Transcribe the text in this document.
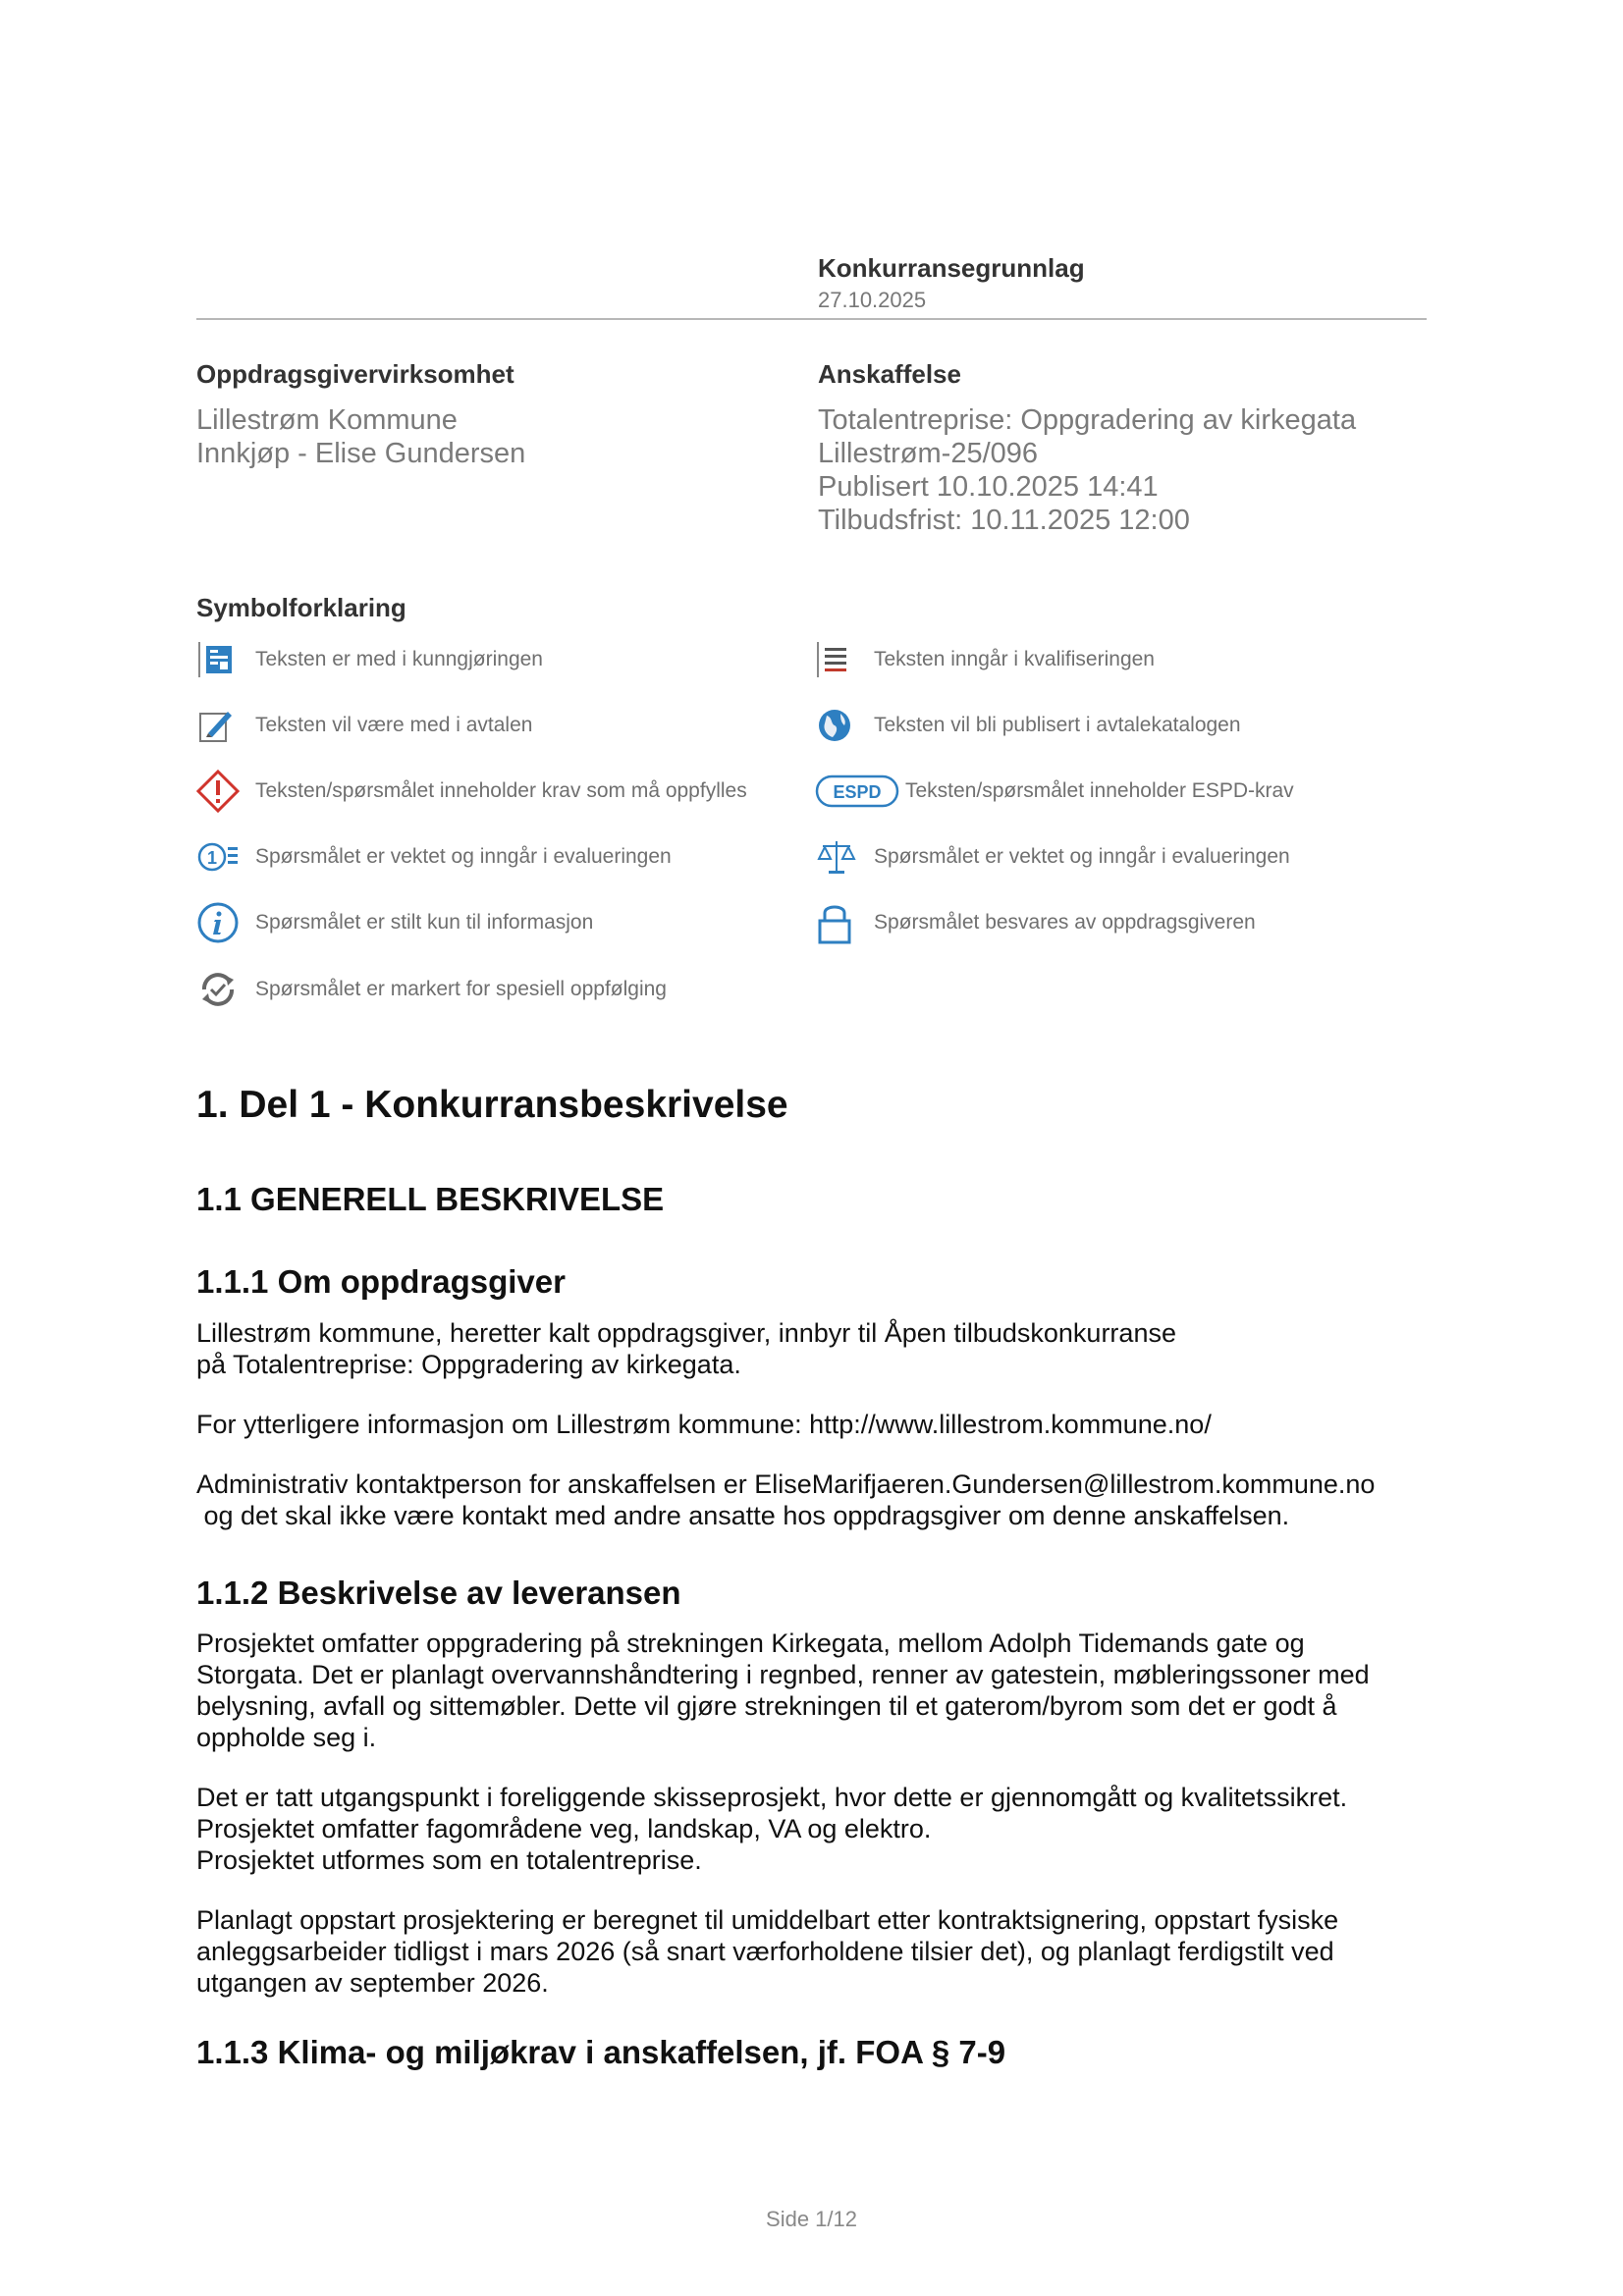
Konkurransegrunnlag
27.10.2025
Oppdragsgivervirksomhet
Lillestrøm Kommune
Innkjøp - Elise Gundersen
Anskaffelse
Totalentreprise: Oppgradering av kirkegata
Lillestrøm-25/096
Publisert 10.10.2025 14:41
Tilbudsfrist: 10.11.2025 12:00
Symbolforklaring
Teksten er med i kunngjøringen	Teksten inngår i kvalifiseringen
Teksten vil være med i avtalen	Teksten vil bli publisert i avtalekatalogen
Teksten/spørsmålet inneholder krav som må oppfylles	ESPD Teksten/spørsmålet inneholder ESPD-krav
1 Spørsmålet er vektet og inngår i evalueringen	Spørsmålet er vektet og inngår i evalueringen
Spørsmålet er stilt kun til informasjon	Spørsmålet besvares av oppdragsgiveren
Spørsmålet er markert for spesiell oppfølging
1. Del 1 - Konkurransbeskrivelse
1.1 GENERELL BESKRIVELSE
1.1.1 Om oppdragsgiver
Lillestrøm kommune, heretter kalt oppdragsgiver, innbyr til Åpen tilbudskonkurranse
på Totalentreprise: Oppgradering av kirkegata.
For ytterligere informasjon om Lillestrøm kommune: http://www.lillestrom.kommune.no/
Administrativ kontaktperson for anskaffelsen er EliseMarifjaeren.Gundersen@lillestrom.kommune.no
og det skal ikke være kontakt med andre ansatte hos oppdragsgiver om denne anskaffelsen.
1.1.2 Beskrivelse av leveransen
Prosjektet omfatter oppgradering på strekningen Kirkegata, mellom Adolph Tidemands gate og
Storgata. Det er planlagt overvannshåndtering i regnbed, renner av gatestein, møbleringssoner med
belysning, avfall og sittemøbler. Dette vil gjøre strekningen til et gaterom/byrom som det er godt å
oppholde seg i.
Det er tatt utgangspunkt i foreliggende skisseprosjekt, hvor dette er gjennomgått og kvalitetssikret.
Prosjektet omfatter fagområdene veg, landskap, VA og elektro.
Prosjektet utformes som en totalentreprise.
Planlagt oppstart prosjektering er beregnet til umiddelbart etter kontraktsignering, oppstart fysiske
anleggsarbeider tidligst i mars 2026 (så snart værforholdene tilsier det), og planlagt ferdigstilt ved
utgangen av september 2026.
1.1.3 Klima- og miljøkrav i anskaffelsen, jf. FOA § 7-9
Side 1/12
